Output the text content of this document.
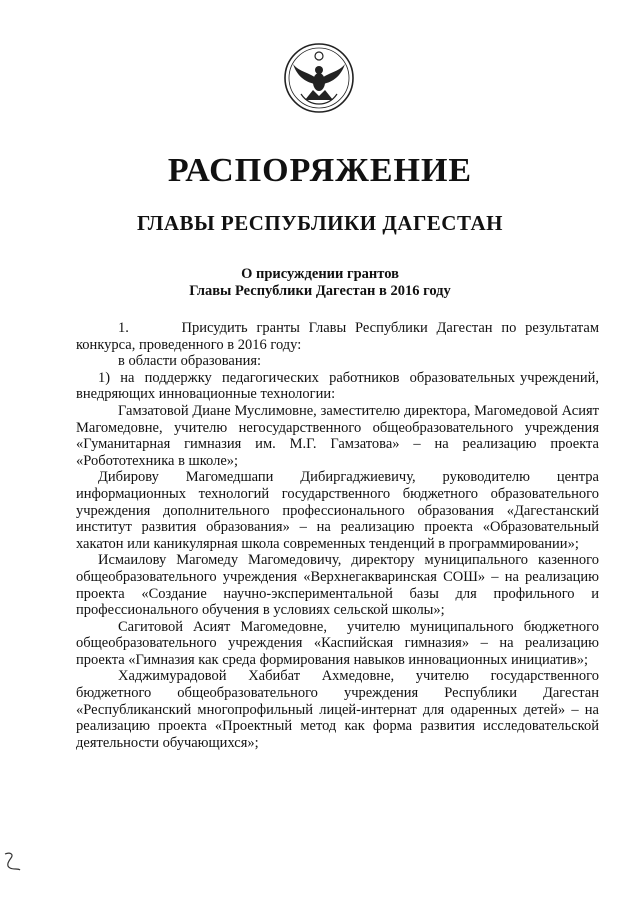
РАСПОРЯЖЕНИЕ
ГЛАВЫ РЕСПУБЛИКИ ДАГЕСТАН
О присуждении грантов
Главы Республики Дагестан в 2016 году

1.      Присудить гранты Главы Республики Дагестан по результатам конкурса, проведенного в 2016 году:

в области образования:

1)  на  поддержку  педагогических  работников  образовательных учреждений, внедряющих инновационные технологии:

Гамзатовой Диане Муслимовне, заместителю директора, Магомедовой Асият Магомедовне, учителю негосударственного общеобразовательного учреждения «Гуманитарная гимназия им. М.Г. Гамзатова» – на реализацию проекта «Робототехника в школе»;

Дибирову Магомедшапи Дибиргаджиевичу, руководителю центра информационных технологий государственного бюджетного образовательного учреждения дополнительного профессионального образования «Дагестанский институт развития образования» – на реализацию проекта «Образовательный хакатон или каникулярная школа современных тенденций в программировании»;

Исмаилову Магомеду Магомедовичу, директору муниципального казенного общеобразовательного учреждения «Верхнегакваринская СОШ» – на реализацию проекта «Создание научно-экспериментальной базы для профильного и профессионального обучения в условиях сельской школы»;

Сагитовой Асият Магомедовне,  учителю муниципального бюджетного общеобразовательного учреждения «Каспийская гимназия» – на реализацию проекта «Гимназия как среда формирования навыков инновационных инициатив»;

Хаджимурадовой Хабибат Ахмедовне, учителю государственного бюджетного общеобразовательного учреждения Республики Дагестан «Республиканский многопрофильный лицей-интернат для одаренных детей» – на реализацию проекта «Проектный метод как форма развития исследовательской деятельности обучающихся»;
